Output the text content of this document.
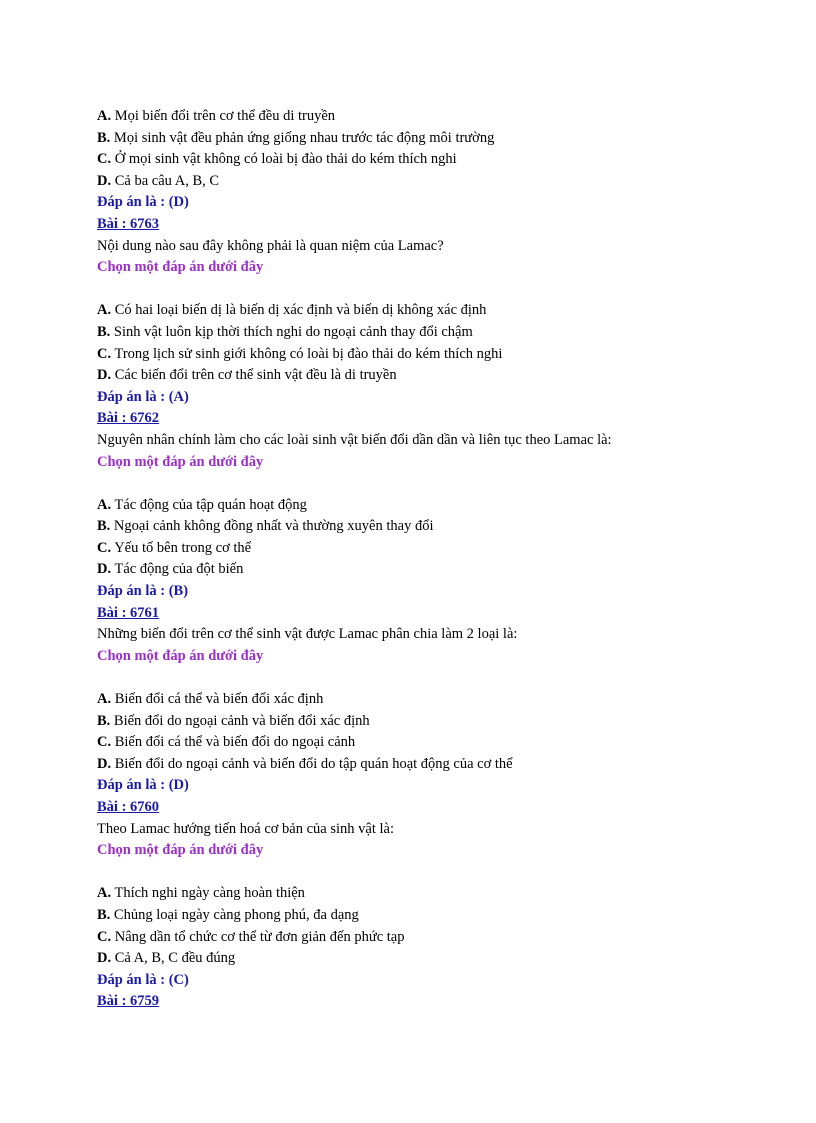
A. Mọi biến đổi trên cơ thể đều di truyền
B. Mọi sinh vật đều phản ứng giống nhau trước tác động môi trường
C. Ở mọi sinh vật không có loài bị đào thải do kém thích nghi
D. Cả ba câu A, B, C
Đáp án là : (D)
Bài : 6763
Nội dung nào sau đây không phải là quan niệm của Lamac?
Chọn một đáp án dưới đây
A. Có hai loại biến dị là biến dị xác định và biến dị không xác định
B. Sinh vật luôn kịp thời thích nghi do ngoại cảnh thay đổi chậm
C. Trong lịch sử sinh giới không có loài bị đào thải do kém thích nghi
D. Các biến đổi trên cơ thể sinh vật đều là di truyền
Đáp án là : (A)
Bài : 6762
Nguyên nhân chính làm cho các loài sinh vật biến đổi dần dần và liên tục theo Lamac là:
Chọn một đáp án dưới đây
A. Tác động của tập quán hoạt động
B. Ngoại cảnh không đồng nhất và thường xuyên thay đổi
C. Yếu tố bên trong cơ thể
D. Tác động của đột biến
Đáp án là : (B)
Bài : 6761
Những biến đổi trên cơ thể sinh vật được Lamac phân chia làm 2 loại là:
Chọn một đáp án dưới đây
A. Biến đổi cá thể và biến đổi xác định
B. Biến đổi do ngoại cảnh và biến đổi xác định
C. Biến đổi cá thể và biến đổi do ngoại cảnh
D. Biến đổi do ngoại cảnh và biến đổi do tập quán hoạt động của cơ thể
Đáp án là : (D)
Bài : 6760
Theo Lamac hướng tiến hoá cơ bản của sinh vật là:
Chọn một đáp án dưới đây
A. Thích nghi ngày càng hoàn thiện
B. Chủng loại ngày càng phong phú, đa dạng
C. Nâng dần tổ chức cơ thể từ đơn giản đến phức tạp
D. Cả A, B, C đều đúng
Đáp án là : (C)
Bài : 6759
